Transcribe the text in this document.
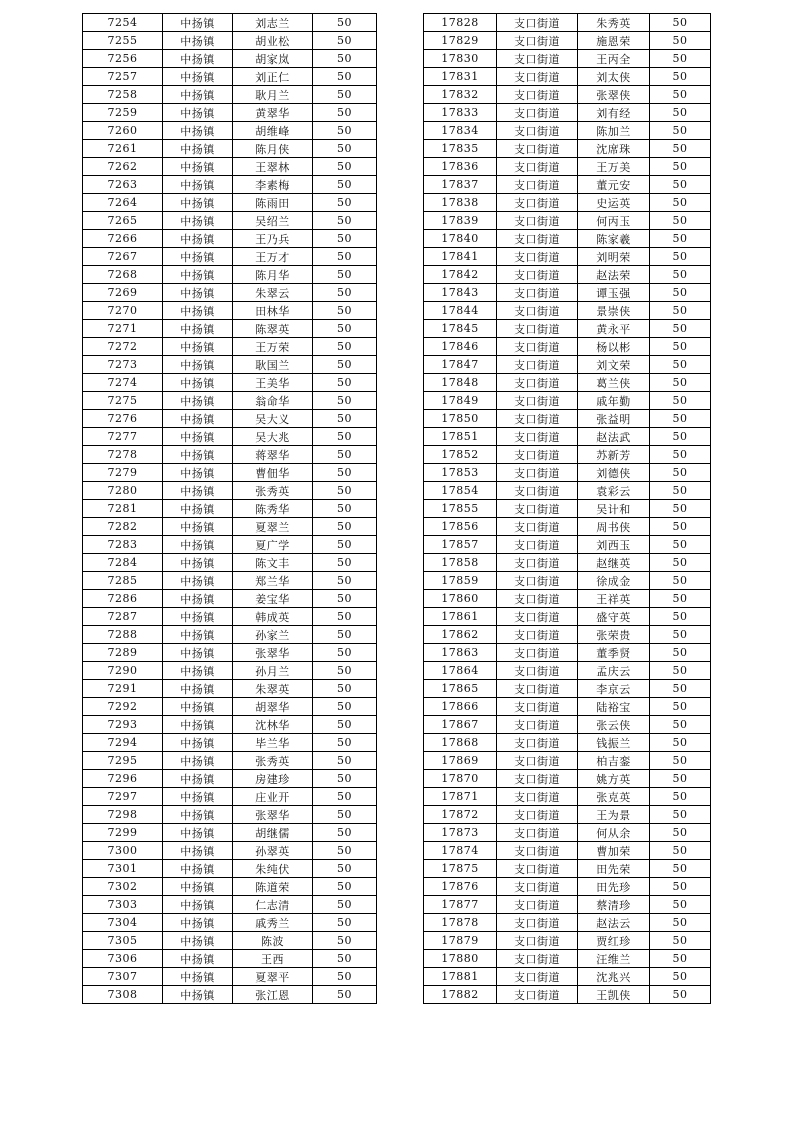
7254	中扬镇	刘志兰	50
7255	中扬镇	胡业松	50
7256	中扬镇	胡家岚	50
7257	中扬镇	刘正仁	50
7258	中扬镇	耿月兰	50
7259	中扬镇	黄翠华	50
7260	中扬镇	胡维峰	50
7261	中扬镇	陈月侠	50
7262	中扬镇	王翠林	50
7263	中扬镇	李素梅	50
7264	中扬镇	陈雨田	50
7265	中扬镇	吴绍兰	50
7266	中扬镇	王乃兵	50
7267	中扬镇	王万才	50
7268	中扬镇	陈月华	50
7269	中扬镇	朱翠云	50
7270	中扬镇	田林华	50
7271	中扬镇	陈翠英	50
7272	中扬镇	王万荣	50
7273	中扬镇	耿国兰	50
7274	中扬镇	王美华	50
7275	中扬镇	翁命华	50
7276	中扬镇	吴大义	50
7277	中扬镇	吴大兆	50
7278	中扬镇	蒋翠华	50
7279	中扬镇	曹佃华	50
7280	中扬镇	张秀英	50
7281	中扬镇	陈秀华	50
7282	中扬镇	夏翠兰	50
7283	中扬镇	夏广学	50
7284	中扬镇	陈文丰	50
7285	中扬镇	郑兰华	50
7286	中扬镇	姜宝华	50
7287	中扬镇	韩成英	50
7288	中扬镇	孙家兰	50
7289	中扬镇	张翠华	50
7290	中扬镇	孙月兰	50
7291	中扬镇	朱翠英	50
7292	中扬镇	胡翠华	50
7293	中扬镇	沈林华	50
7294	中扬镇	毕兰华	50
7295	中扬镇	张秀英	50
7296	中扬镇	房建珍	50
7297	中扬镇	庄业开	50
7298	中扬镇	张翠华	50
7299	中扬镇	胡继儒	50
7300	中扬镇	孙翠英	50
7301	中扬镇	朱纯伏	50
7302	中扬镇	陈道荣	50
7303	中扬镇	仁志清	50
7304	中扬镇	戚秀兰	50
7305	中扬镇	陈波	50
7306	中扬镇	王西	50
7307	中扬镇	夏翠平	50
7308	中扬镇	张江恩	50
17828	支口街道	朱秀英	50
17829	支口街道	施恩荣	50
17830	支口街道	王丙全	50
17831	支口街道	刘太侠	50
17832	支口街道	张翠侠	50
17833	支口街道	刘有经	50
17834	支口街道	陈加兰	50
17835	支口街道	沈席珠	50
17836	支口街道	王万美	50
17837	支口街道	董元安	50
17838	支口街道	史运英	50
17839	支口街道	何丙玉	50
17840	支口街道	陈家羲	50
17841	支口街道	刘明荣	50
17842	支口街道	赵法荣	50
17843	支口街道	谭玉强	50
17844	支口街道	景崇侠	50
17845	支口街道	黄永平	50
17846	支口街道	杨以彬	50
17847	支口街道	刘文荣	50
17848	支口街道	葛兰侠	50
17849	支口街道	戚年勤	50
17850	支口街道	张益明	50
17851	支口街道	赵法武	50
17852	支口街道	苏新芳	50
17853	支口街道	刘德侠	50
17854	支口街道	袁彩云	50
17855	支口街道	吴计和	50
17856	支口街道	周书侠	50
17857	支口街道	刘西玉	50
17858	支口街道	赵继英	50
17859	支口街道	徐成金	50
17860	支口街道	王祥英	50
17861	支口街道	盛守英	50
17862	支口街道	张荣贵	50
17863	支口街道	董季贤	50
17864	支口街道	孟庆云	50
17865	支口街道	李京云	50
17866	支口街道	陆裕宝	50
17867	支口街道	张云侠	50
17868	支口街道	钱振兰	50
17869	支口街道	柏吉銮	50
17870	支口街道	姚方英	50
17871	支口街道	张克英	50
17872	支口街道	王为景	50
17873	支口街道	何从余	50
17874	支口街道	曹加荣	50
17875	支口街道	田先荣	50
17876	支口街道	田先珍	50
17877	支口街道	蔡清珍	50
17878	支口街道	赵法云	50
17879	支口街道	贾红珍	50
17880	支口街道	汪维兰	50
17881	支口街道	沈兆兴	50
17882	支口街道	王凯侠	50
